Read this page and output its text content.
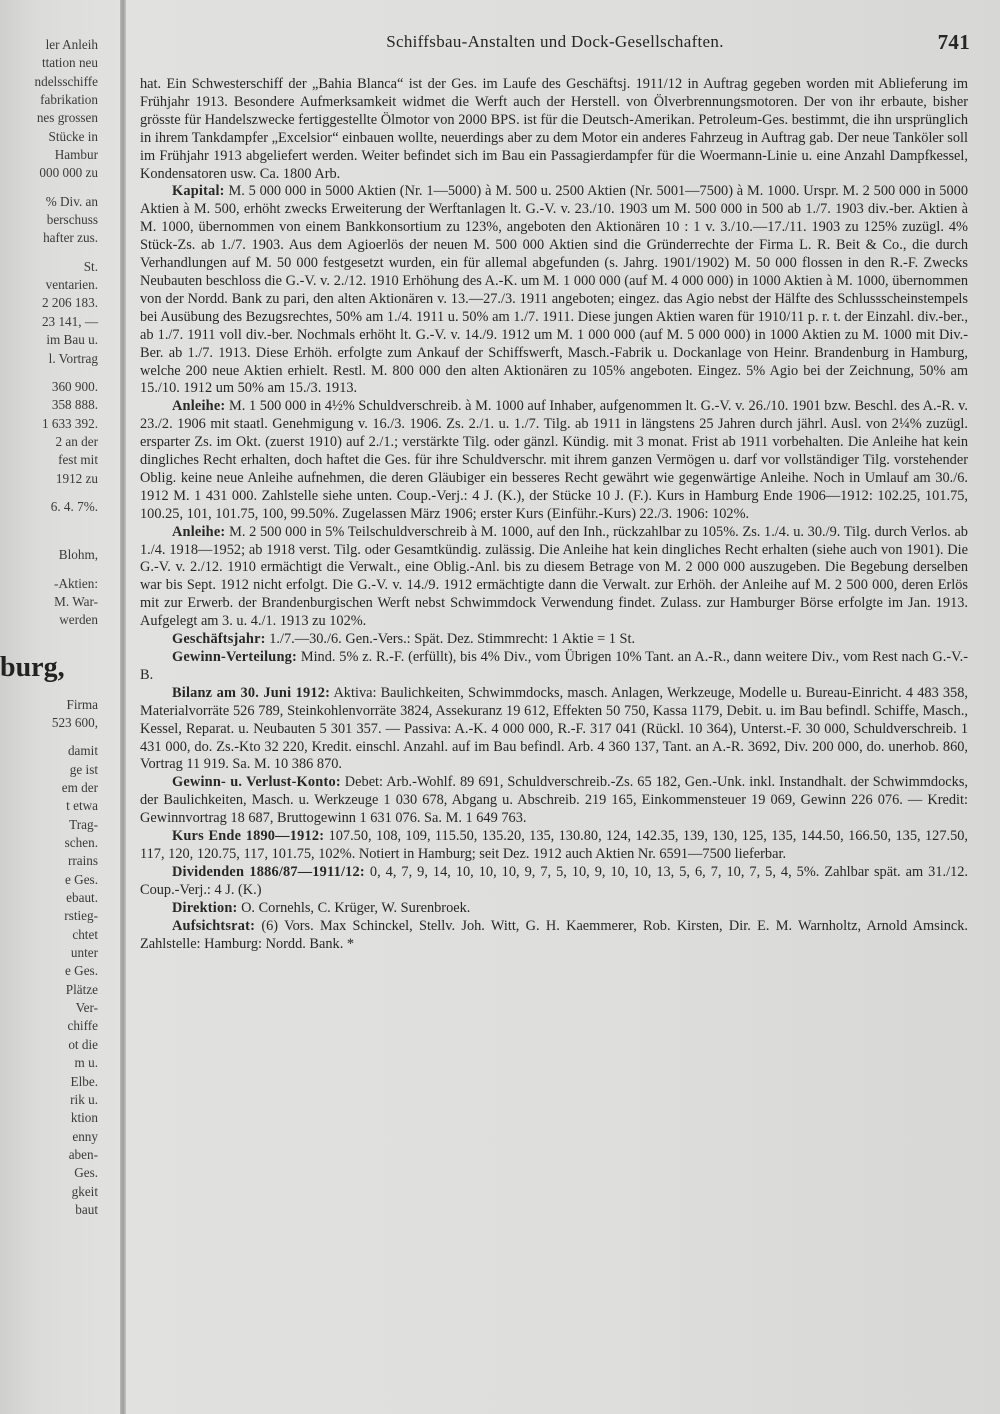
ler Anleih
ttation neu
ndelsschiffe
fabrikation
nes grossen
Stücke in
Hambur
000 000 zu
% Div. an
berschuss
hafter zus.
St.
ventarien.
2 206 183.
23 141, —
im Bau u.
l. Vortrag
360 900.
358 888.
1 633 392.
2 an der
fest mit
1912 zu
6. 4. 7%.
Blohm,
-Aktien:
M. War-
werden
burg,
Firma
523 600,
damit
ge ist
em der
t etwa
Trag-
schen.
rrains
e Ges.
ebaut.
rstieg-
chtet
unter
e Ges.
Plätze
Ver-
chiffe
ot die
m u.
Elbe.
rik u.
ktion
enny
aben-
Ges.
gkeit
baut
Schiffsbau-Anstalten und Dock-Gesellschaften.	741

hat. Ein Schwesterschiff der „Bahia Blanca“ ist der Ges. im Laufe des Geschäftsj. 1911/12 in Auftrag gegeben worden mit Ablieferung im Frühjahr 1913. Besondere Aufmerksamkeit widmet die Werft auch der Herstell. von Ölverbrennungsmotoren. Der von ihr erbaute, bisher grösste für Handelszwecke fertiggestellte Ölmotor von 2000 BPS. ist für die Deutsch-Amerikan. Petroleum-Ges. bestimmt, die ihn ursprünglich in ihrem Tankdampfer „Excelsior“ einbauen wollte, neuerdings aber zu dem Motor ein anderes Fahrzeug in Auftrag gab. Der neue Tanköler soll im Frühjahr 1913 abgeliefert werden. Weiter befindet sich im Bau ein Passagierdampfer für die Woermann-Linie u. eine Anzahl Dampfkessel, Kondensatoren usw. Ca. 1800 Arb.

Kapital: M. 5 000 000 in 5000 Aktien (Nr. 1—5000) à M. 500 u. 2500 Aktien (Nr. 5001—7500) à M. 1000. Urspr. M. 2 500 000 in 5000 Aktien à M. 500, erhöht zwecks Erweiterung der Werftanlagen lt. G.-V. v. 23./10. 1903 um M. 500 000 in 500 ab 1./7. 1903 div.-ber. Aktien à M. 1000, übernommen von einem Bankkonsortium zu 123%, angeboten den Aktionären 10 : 1 v. 3./10.—17./11. 1903 zu 125% zuzügl. 4% Stück-Zs. ab 1./7. 1903. Aus dem Agioerlös der neuen M. 500 000 Aktien sind die Gründerrechte der Firma L. R. Beit & Co., die durch Verhandlungen auf M. 50 000 festgesetzt wurden, ein für allemal abgefunden (s. Jahrg. 1901/1902) M. 50 000 flossen in den R.-F. Zwecks Neubauten beschloss die G.-V. v. 2./12. 1910 Erhöhung des A.-K. um M. 1 000 000 (auf M. 4 000 000) in 1000 Aktien à M. 1000, übernommen von der Nordd. Bank zu pari, den alten Aktionären v. 13.—27./3. 1911 angeboten; eingez. das Agio nebst der Hälfte des Schlussscheinstempels bei Ausübung des Bezugsrechtes, 50% am 1./4. 1911 u. 50% am 1./7. 1911. Diese jungen Aktien waren für 1910/11 p. r. t. der Einzahl. div.-ber., ab 1./7. 1911 voll div.-ber. Nochmals erhöht lt. G.-V. v. 14./9. 1912 um M. 1 000 000 (auf M. 5 000 000) in 1000 Aktien zu M. 1000 mit Div.-Ber. ab 1./7. 1913. Diese Erhöh. erfolgte zum Ankauf der Schiffswerft, Masch.-Fabrik u. Dockanlage von Heinr. Brandenburg in Hamburg, welche 200 neue Aktien erhielt. Restl. M. 800 000 den alten Aktionären zu 105% angeboten. Eingez. 5% Agio bei der Zeichnung, 50% am 15./10. 1912 um 50% am 15./3. 1913.

Anleihe: M. 1 500 000 in 4½% Schuldverschreib. à M. 1000 auf Inhaber, aufgenommen lt. G.-V. v. 26./10. 1901 bzw. Beschl. des A.-R. v. 23./2. 1906 mit staatl. Genehmigung v. 16./3. 1906. Zs. 2./1. u. 1./7. Tilg. ab 1911 in längstens 25 Jahren durch jährl. Ausl. von 2¼% zuzügl. ersparter Zs. im Okt. (zuerst 1910) auf 2./1.; verstärkte Tilg. oder gänzl. Kündig. mit 3 monat. Frist ab 1911 vorbehalten. Die Anleihe hat kein dingliches Recht erhalten, doch haftet die Ges. für ihre Schuldverschr. mit ihrem ganzen Vermögen u. darf vor vollständiger Tilg. vorstehender Oblig. keine neue Anleihe aufnehmen, die deren Gläubiger ein besseres Recht gewährt wie gegenwärtige Anleihe. Noch in Umlauf am 30./6. 1912 M. 1 431 000. Zahlstelle siehe unten. Coup.-Verj.: 4 J. (K.), der Stücke 10 J. (F.). Kurs in Hamburg Ende 1906—1912: 102.25, 101.75, 100.25, 101, 101.75, 100, 99.50%. Zugelassen März 1906; erster Kurs (Einführ.-Kurs) 22./3. 1906: 102%.

Anleihe: M. 2 500 000 in 5% Teilschuldverschreib à M. 1000, auf den Inh., rückzahlbar zu 105%. Zs. 1./4. u. 30./9. Tilg. durch Verlos. ab 1./4. 1918—1952; ab 1918 verst. Tilg. oder Gesamtkündig. zulässig. Die Anleihe hat kein dingliches Recht erhalten (siehe auch von 1901). Die G.-V. v. 2./12. 1910 ermächtigt die Verwalt., eine Oblig.-Anl. bis zu diesem Betrage von M. 2 000 000 auszugeben. Die Begebung derselben war bis Sept. 1912 nicht erfolgt. Die G.-V. v. 14./9. 1912 ermächtigte dann die Verwalt. zur Erhöh. der Anleihe auf M. 2 500 000, deren Erlös mit zur Erwerb. der Brandenburgischen Werft nebst Schwimmdock Verwendung findet. Zulass. zur Hamburger Börse erfolgte im Jan. 1913. Aufgelegt am 3. u. 4./1. 1913 zu 102%.

Geschäftsjahr: 1./7.—30./6. Gen.-Vers.: Spät. Dez. Stimmrecht: 1 Aktie = 1 St.

Gewinn-Verteilung: Mind. 5% z. R.-F. (erfüllt), bis 4% Div., vom Übrigen 10% Tant. an A.-R., dann weitere Div., vom Rest nach G.-V.-B.

Bilanz am 30. Juni 1912: Aktiva: Baulichkeiten, Schwimmdocks, masch. Anlagen, Werkzeuge, Modelle u. Bureau-Einricht. 4 483 358, Materialvorräte 526 789, Steinkohlenvorräte 3824, Assekuranz 19 612, Effekten 50 750, Kassa 1179, Debit. u. im Bau befindl. Schiffe, Masch., Kessel, Reparat. u. Neubauten 5 301 357. — Passiva: A.-K. 4 000 000, R.-F. 317 041 (Rückl. 10 364), Unterst.-F. 30 000, Schuldverschreib. 1 431 000, do. Zs.-Kto 32 220, Kredit. einschl. Anzahl. auf im Bau befindl. Arb. 4 360 137, Tant. an A.-R. 3692, Div. 200 000, do. unerhob. 860, Vortrag 11 919. Sa. M. 10 386 870.

Gewinn- u. Verlust-Konto: Debet: Arb.-Wohlf. 89 691, Schuldverschreib.-Zs. 65 182, Gen.-Unk. inkl. Instandhalt. der Schwimmdocks, der Baulichkeiten, Masch. u. Werkzeuge 1 030 678, Abgang u. Abschreib. 219 165, Einkommensteuer 19 069, Gewinn 226 076. — Kredit: Gewinnvortrag 18 687, Bruttogewinn 1 631 076. Sa. M. 1 649 763.

Kurs Ende 1890—1912: 107.50, 108, 109, 115.50, 135.20, 135, 130.80, 124, 142.35, 139, 130, 125, 135, 144.50, 166.50, 135, 127.50, 117, 120, 120.75, 117, 101.75, 102%. Notiert in Hamburg; seit Dez. 1912 auch Aktien Nr. 6591—7500 lieferbar.

Dividenden 1886/87—1911/12: 0, 4, 7, 9, 14, 10, 10, 10, 9, 7, 5, 10, 9, 10, 10, 13, 5, 6, 7, 10, 7, 5, 4, 5%. Zahlbar spät. am 31./12. Coup.-Verj.: 4 J. (K.)

Direktion: O. Cornehls, C. Krüger, W. Surenbroek.

Aufsichtsrat: (6) Vors. Max Schinckel, Stellv. Joh. Witt, G. H. Kaemmerer, Rob. Kirsten, Dir. E. M. Warnholtz, Arnold Amsinck. Zahlstelle: Hamburg: Nordd. Bank. *
